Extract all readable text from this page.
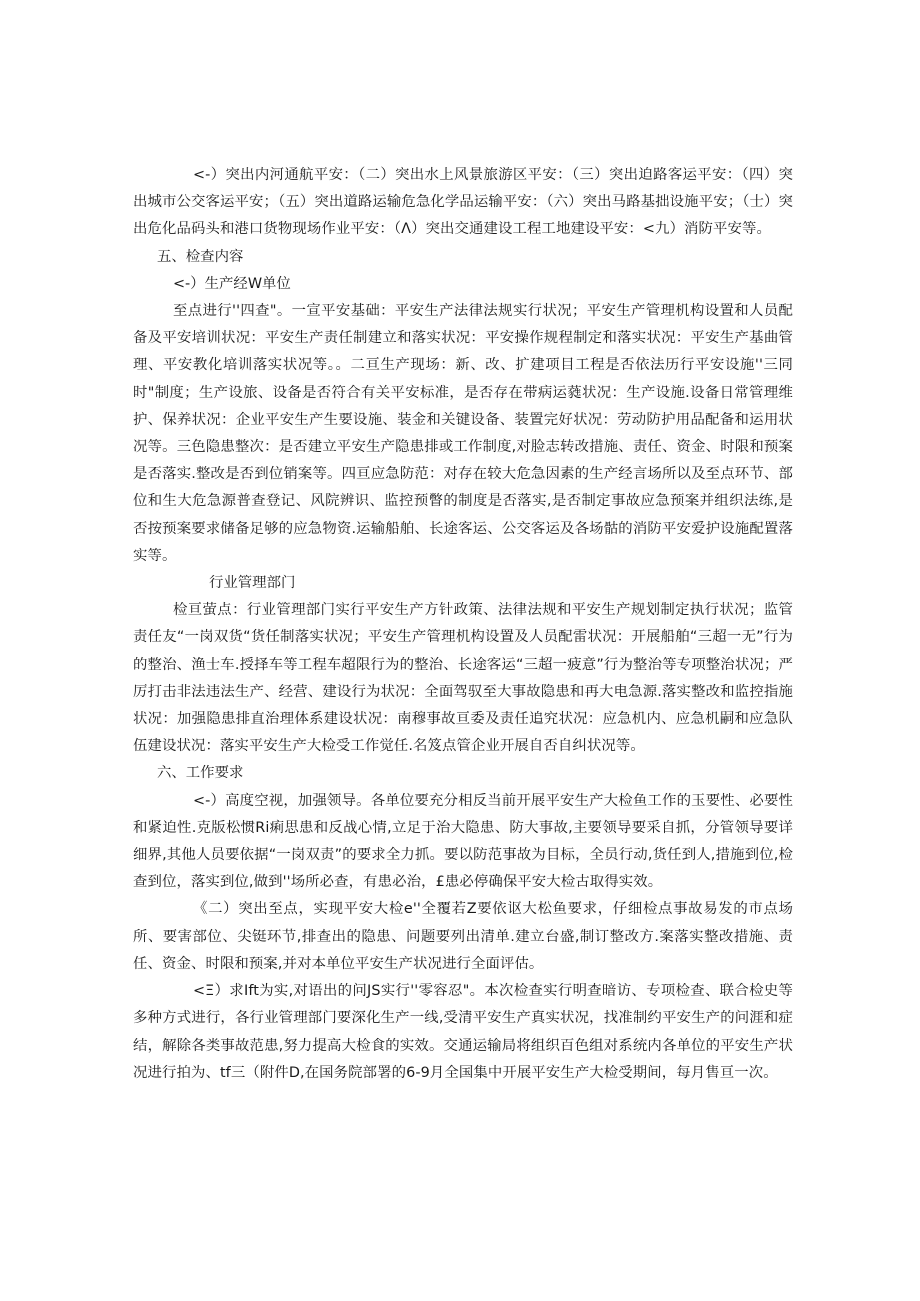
<-）突出内河通航平安：（二）突出水上风景旅游区平安：（三）突出迫路客运平安：（四）突出城市公交客运平安；（五）突出道路运输危急化学品运输平安：（六）突出马路基拙设施平安；（士）突出危化品码头和港口货物现场作业平安：（Λ）突出交通建设工程工地建设平安：<九）消防平安等。

五、检查内容

<-）生产经W单位

至点进行''四查"。一宣平安基础：平安生产法律法规实行状况；平安生产管理机构设置和人员配备及平安培训状况：平安生产责任制建立和落实状况：平安操作规程制定和落实状况：平安生产基曲管理、平安教化培训落实状况等。。二亘生产现场：新、改、扩建项目工程是否依法历行平安设施''三同时"制度；生产设旅、设备是否符合有关平安标准，是否存在带病运蕤状况：生产设施.设备日常管理维护、保养状况：企业平安生产生要设施、装金和关键设备、装置完好状况：劳动防护用品配备和运用状况等。三色隐患整次：是否建立平安生产隐患排或工作制度,对脸志转改措施、责任、资金、时限和预案是否落实.整改是否到位销案等。四亘应急防范：对存在较大危急因素的生产经言场所以及至点环节、部位和生大危急源普查登记、风院辨识、监控预瞥的制度是否落实,是否制定事故应急预案并组织法练,是否按预案要求储备足够的应急物资.运输船舶、长途客运、公交客运及各场骷的消防平安爱护设施配置落实等。

行业管理部门

检亘萤点：行业管理部门实行平安生产方针政策、法律法规和平安生产规划制定执行状况；监管责任友“一岗双货“货任制落实状况；平安生产管理机构设置及人员配雷状况：开展船舶“三超一无”行为的整治、渔士车.授择车等工程车超限行为的整治、长途客运“三超一疲意”行为整治等专项整治状况；严厉打击非法违法生产、经营、建设行为状况：全面驾驭至大事故隐患和再大电急源.落实整改和监控指施状况：加强隐患排直治理体系建设状况：南穆事故亘委及责任追究状况：应急机内、应急机嗣和应急队伍建设状况：落实平安生产大检受工作觉任.名笈点管企业开展自否自纠状况等。

六、工作要求

<-）高度空视，加强领导。各单位要充分相反当前开展平安生产大检鱼工作的玉要性、必要性和紧迫性.克版松惯Ri痢思患和反战心情,立足于治大隐患、防大事故,主要领导要采自抓，分管领导要详细界,其他人员要依据“一岗双责”的要求全力抓。要以防范事故为目标，全员行动,货任到人,措施到位,检查到位，落实到位,做到''场所必查，有患必治，£患必停确保平安大检古取得实效。

《二）突出至点，实现平安大检e''全覆若Z要依讴大松鱼要求，仔细检点事故易发的市点场所、要害部位、尖铤环节,排查出的隐患、问题要列出清单.建立台盛,制订整改方.案落实整改措施、责任、资金、时限和预案,并对本单位平安生产状况进行全面评估。

<Ξ）求Ift为实,对语出的问JS实行''零容忍"。本次检查实行明查暗访、专项检查、联合检史等多种方式进行，各行业管理部门要深化生产一线,受清平安生产真实状况，找准制约平安生产的问涯和症结，解除各类事故范患,努力提高大检食的实效。交通运输局将组织百色组对系统内各单位的平安生产状况进行拍为、tf三（附件D,在国务院部署的6-9月全国集中开展平安生产大检受期间，每月售亘一次。
